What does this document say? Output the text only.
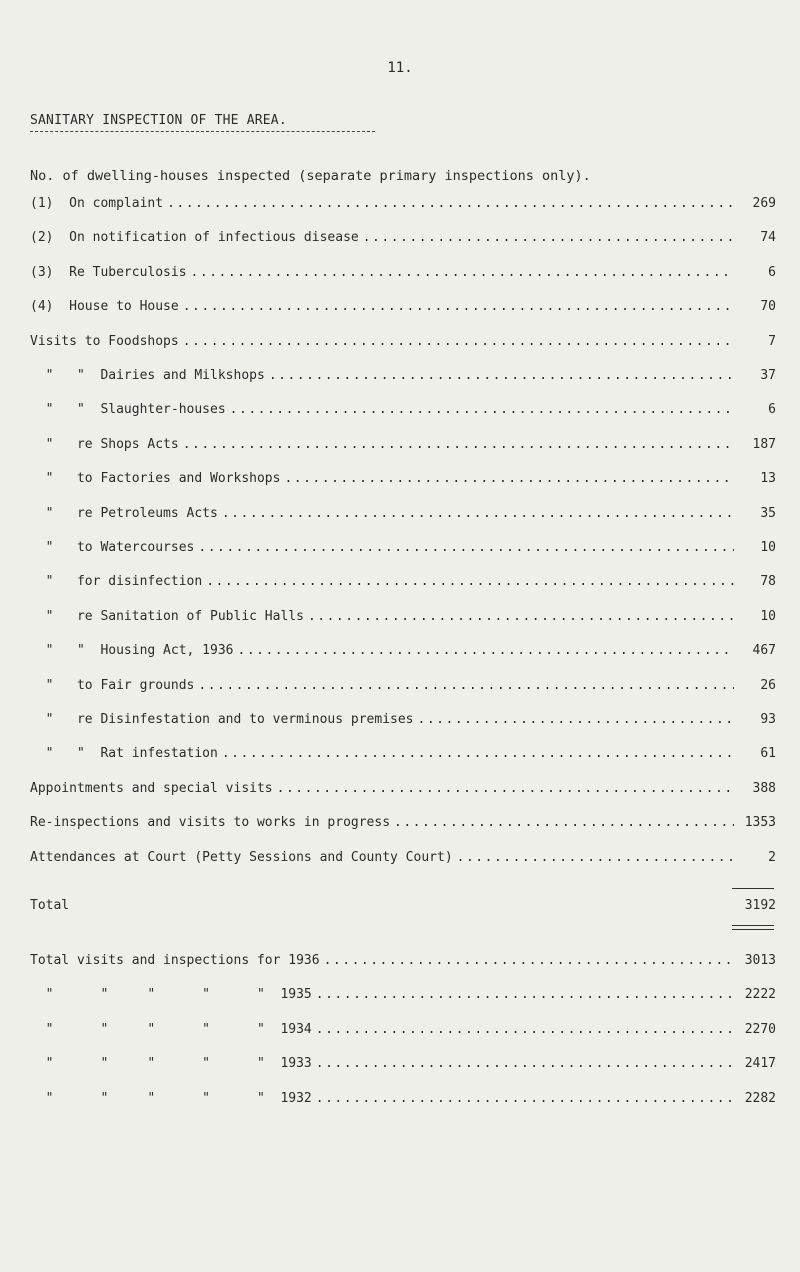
11.
SANITARY INSPECTION OF THE AREA.
No. of dwelling-houses inspected (separate primary inspections only).
(1)  On complaint .....	269
(2)  On notification of infectious disease .....	74
(3)  Re Tuberculosis .....	6
(4)  House to House .....	70
Visits to Foodshops .....	7
"   "  Dairies and Milkshops .....	37
"   "  Slaughter-houses .....	6
"   re Shops Acts .....	187
"   to Factories and Workshops .....	13
"   re Petroleums Acts .....	35
"   to Watercourses .....	10
"   for disinfection .....	78
"   re Sanitation of Public Halls .....	10
"   "  Housing Act, 1936 .....	467
"   to Fair grounds .....	26
"   re Disinfestation and to verminous premises .....	93
"   "  Rat infestation .....	61
Appointments and special visits .....	388
Re-inspections and visits to works in progress .....	1353
Attendances at Court (Petty Sessions and County Court) .....	2
Total	3192
Total visits and inspections for 1936 .....	3013
"      "     "      "      "  1935 .....	2222
"      "     "      "      "  1934 .....	2270
"      "     "      "      "  1933 .....	2417
"      "     "      "      "  1932 .....	2282
